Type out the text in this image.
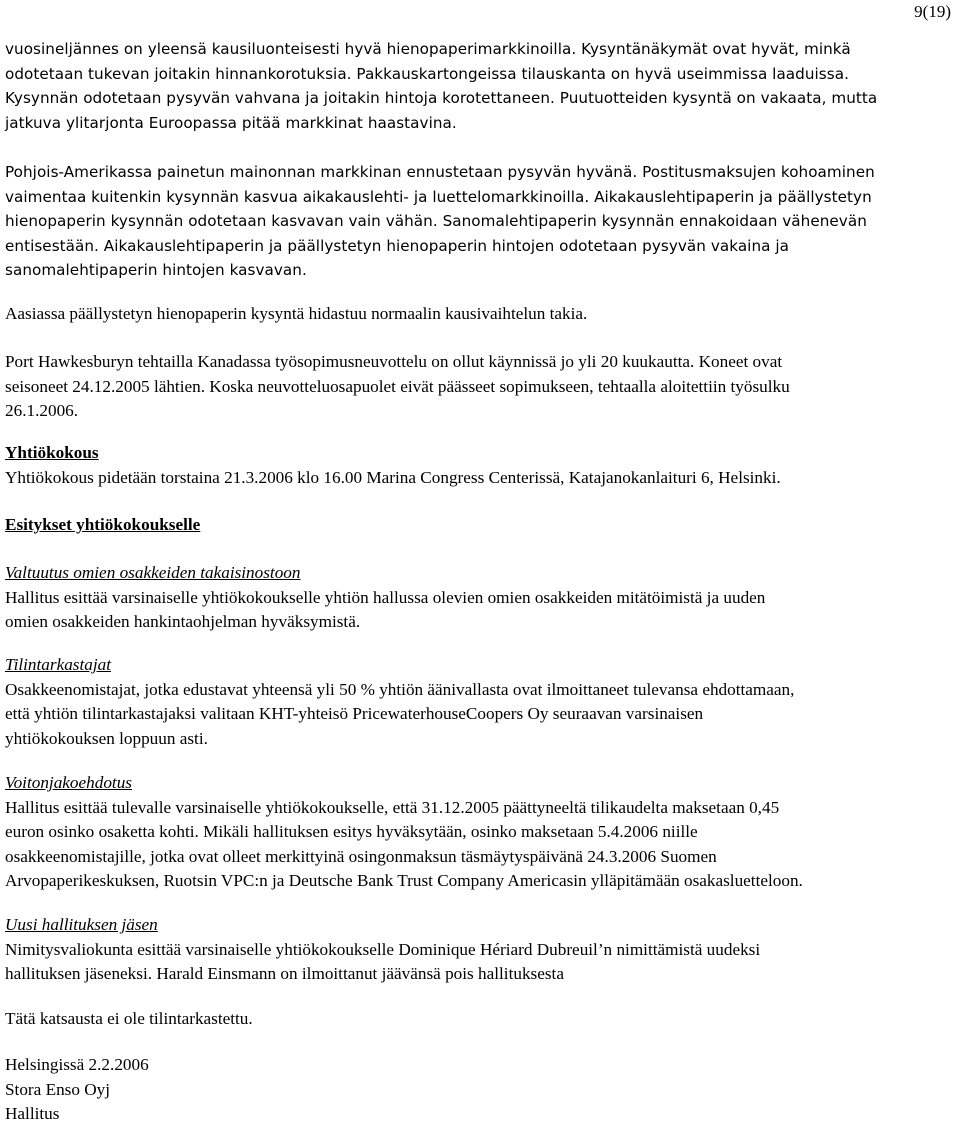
9(19)

vuosineljännes on yleensä kausiluonteisesti hyvä hienopaperimarkkinoilla. Kysyntänäkymät ovat hyvät, minkä
odotetaan tukevan joitakin hinnankorotuksia. Pakkauskartongeissa tilauskanta on hyvä useimmissa laaduissa.
Kysynnän odotetaan pysyvän vahvana ja joitakin hintoja korotettaneen. Puutuotteiden kysyntä on vakaata, mutta
jatkuva ylitarjonta Euroopassa pitää markkinat haastavina.

Pohjois-Amerikassa painetun mainonnan markkinan ennustetaan pysyvän hyvänä. Postitusmaksujen kohoaminen
vaimentaa kuitenkin kysynnän kasvua aikakauslehti- ja luettelomarkkinoilla. Aikakauslehtipaperin ja päällystetyn
hienopaperin kysynnän odotetaan kasvavan vain vähän. Sanomalehtipaperin kysynnän ennakoidaan vähenevän
entisestään. Aikakauslehtipaperin ja päällystetyn hienopaperin hintojen odotetaan pysyvän vakaina ja
sanomalehtipaperin hintojen kasvavan.

Aasiassa päällystetyn hienopaperin kysyntä hidastuu normaalin kausivaihtelun takia.

Port Hawkesburyn tehtailla Kanadassa työsopimusneuvottelu on ollut käynnissä jo yli 20 kuukautta. Koneet ovat
seisoneet 24.12.2005 lähtien. Koska neuvotteluosapuolet eivät päässeet sopimukseen, tehtaalla aloitettiin työsulku
26.1.2006.

Yhtiökokous
Yhtiökokous pidetään torstaina 21.3.2006 klo 16.00 Marina Congress Centerissä, Katajanokanlaituri 6, Helsinki.

Esitykset yhtiökokoukselle

Valtuutus omien osakkeiden takaisinostoon
Hallitus esittää varsinaiselle yhtiökokoukselle yhtiön hallussa olevien omien osakkeiden mitätöimistä ja uuden
omien osakkeiden hankintaohjelman hyväksymistä.

Tilintarkastajat
Osakkeenomistajat, jotka edustavat yhteensä yli 50 % yhtiön äänivallasta ovat ilmoittaneet tulevansa ehdottamaan,
että yhtiön tilintarkastajaksi valitaan KHT-yhteisö PricewaterhouseCoopers Oy seuraavan varsinaisen
yhtiökokouksen loppuun asti.

Voitonjakoehdotus
Hallitus esittää tulevalle varsinaiselle yhtiökokoukselle, että 31.12.2005 päättyneeltä tilikaudelta maksetaan 0,45
euron osinko osaketta kohti. Mikäli hallituksen esitys hyväksytään, osinko maksetaan 5.4.2006 niille
osakkeenomistajille, jotka ovat olleet merkittyinä osingonmaksun täsmäytyspäivänä 24.3.2006 Suomen
Arvopaperikeskuksen, Ruotsin VPC:n ja Deutsche Bank Trust Company Americasin ylläpitämään osakasluetteloon.

Uusi hallituksen jäsen
Nimitysvaliokunta esittää varsinaiselle yhtiökokoukselle Dominique Hériard Dubreuil’n nimittämistä uudeksi
hallituksen jäseneksi. Harald Einsmann on ilmoittanut jäävänsä pois hallituksesta

Tätä katsausta ei ole tilintarkastettu.

Helsingissä 2.2.2006
Stora Enso Oyj
Hallitus
